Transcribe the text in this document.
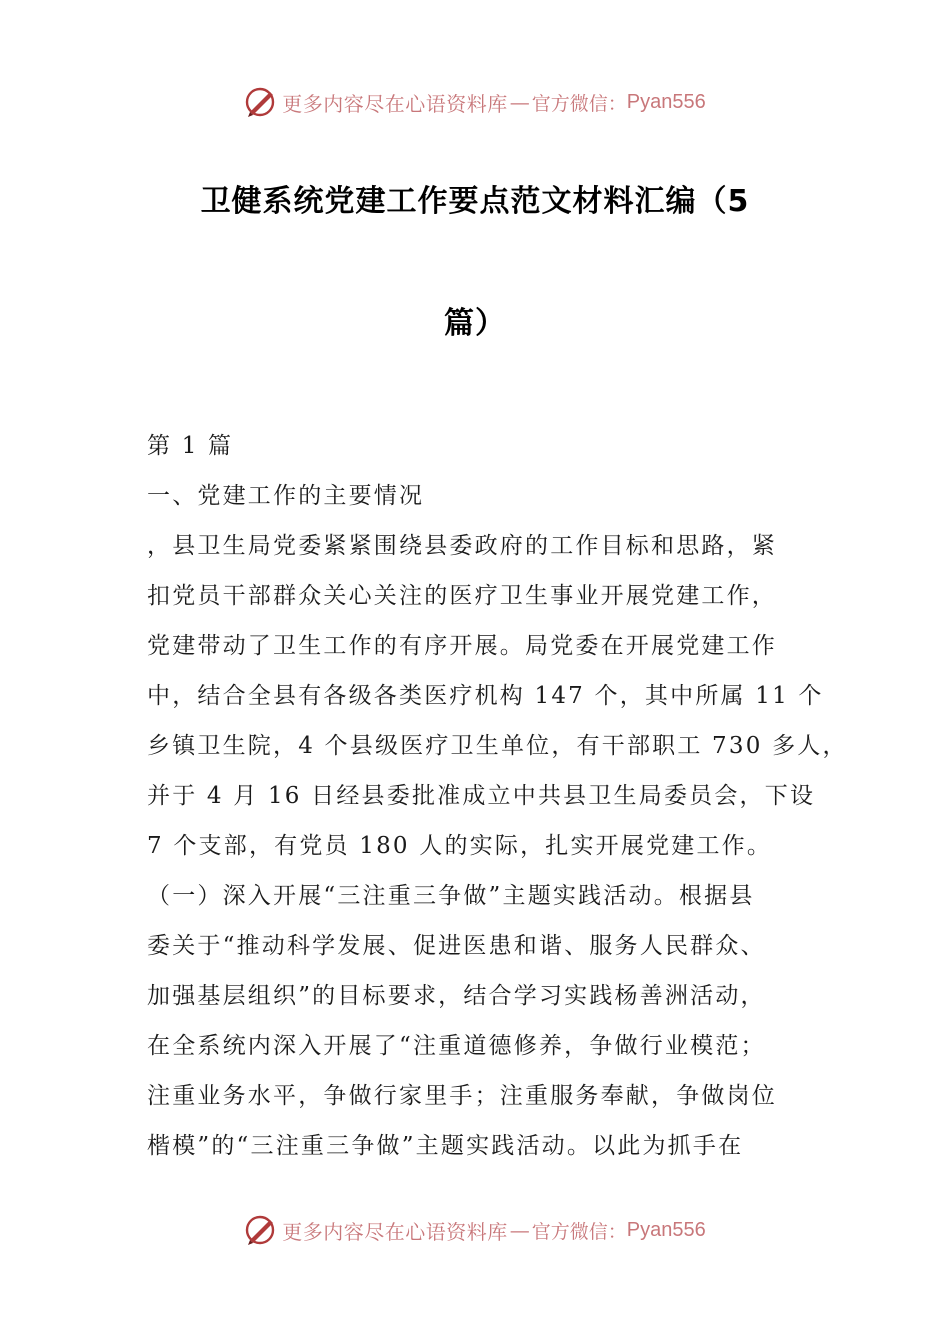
更多内容尽在心语资料库 — 官方微信： Pyan556
卫健系统党建工作要点范文材料汇编（5
篇）
第 1 篇
一、党建工作的主要情况
，县卫生局党委紧紧围绕县委政府的工作目标和思路，紧
扣党员干部群众关心关注的医疗卫生事业开展党建工作，
党建带动了卫生工作的有序开展。局党委在开展党建工作
中，结合全县有各级各类医疗机构 147 个，其中所属 11 个
乡镇卫生院，4 个县级医疗卫生单位，有干部职工 730 多人，
并于 4 月 16 日经县委批准成立中共县卫生局委员会，下设
7 个支部，有党员 180 人的实际，扎实开展党建工作。
（一）深入开展“三注重三争做”主题实践活动。根据县
委关于“推动科学发展、促进医患和谐、服务人民群众、
加强基层组织”的目标要求，结合学习实践杨善洲活动，
在全系统内深入开展了“注重道德修养，争做行业模范；
注重业务水平，争做行家里手；注重服务奉献，争做岗位
楷模”的“三注重三争做”主题实践活动。以此为抓手在
更多内容尽在心语资料库 — 官方微信： Pyan556
